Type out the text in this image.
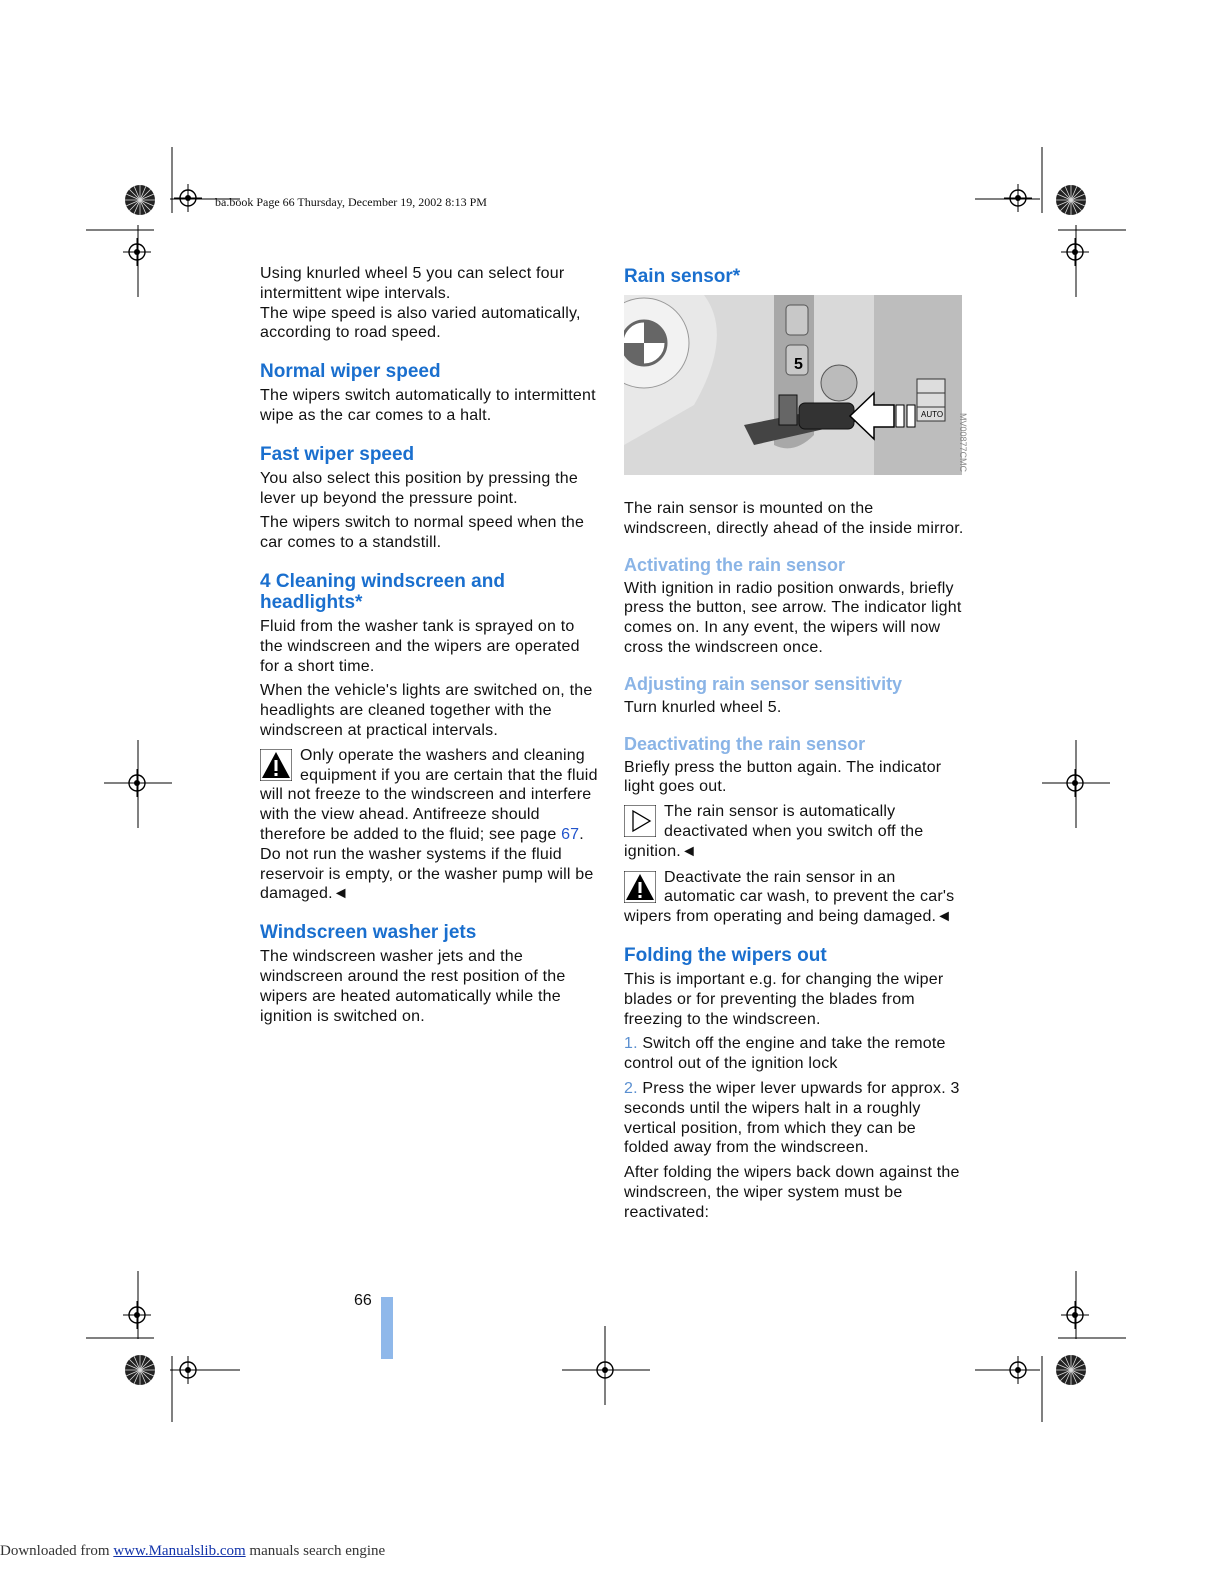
ba.book Page 66 Thursday, December 19, 2002 8:13 PM

Using knurled wheel 5 you can select four intermittent wipe intervals.
The wipe speed is also varied automatically, according to road speed.

Normal wiper speed

The wipers switch automatically to intermittent wipe as the car comes to a halt.

Fast wiper speed

You also select this position by pressing the lever up beyond the pressure point.

The wipers switch to normal speed when the car comes to a standstill.

4 Cleaning windscreen and headlights*

Fluid from the washer tank is sprayed on to the windscreen and the wipers are operated for a short time.

When the vehicle's lights are switched on, the headlights are cleaned together with the windscreen at practical intervals.

Only operate the washers and cleaning equipment if you are certain that the fluid will not freeze to the windscreen and interfere with the view ahead. Antifreeze should therefore be added to the fluid; see page 67.
Do not run the washer systems if the fluid reservoir is empty, or the washer pump will be damaged.◄
Windscreen washer jets

The windscreen washer jets and the windscreen around the rest position of the wipers are heated automatically while the ignition is switched on.

Rain sensor*
AUTO
5
MV00877CMC

The rain sensor is mounted on the windscreen, directly ahead of the inside mirror.

Activating the rain sensor

With ignition in radio position onwards, briefly press the button, see arrow. The indicator light comes on. In any event, the wipers will now cross the windscreen once.

Adjusting rain sensor sensitivity

Turn knurled wheel 5.

Deactivating the rain sensor

Briefly press the button again. The indicator light goes out.

The rain sensor is automatically deactivated when you switch off the ignition.◄
Deactivate the rain sensor in an automatic car wash, to prevent the car's wipers from operating and being damaged.◄
Folding the wipers out

This is important e.g. for changing the wiper blades or for preventing the blades from freezing to the windscreen.

1. Switch off the engine and take the remote control out of the ignition lock

2. Press the wiper lever upwards for approx. 3 seconds until the wipers halt in a roughly vertical position, from which they can be folded away from the windscreen.

After folding the wipers back down against the windscreen, the wiper system must be reactivated:

66
Downloaded from www.Manualslib.com manuals search engine
